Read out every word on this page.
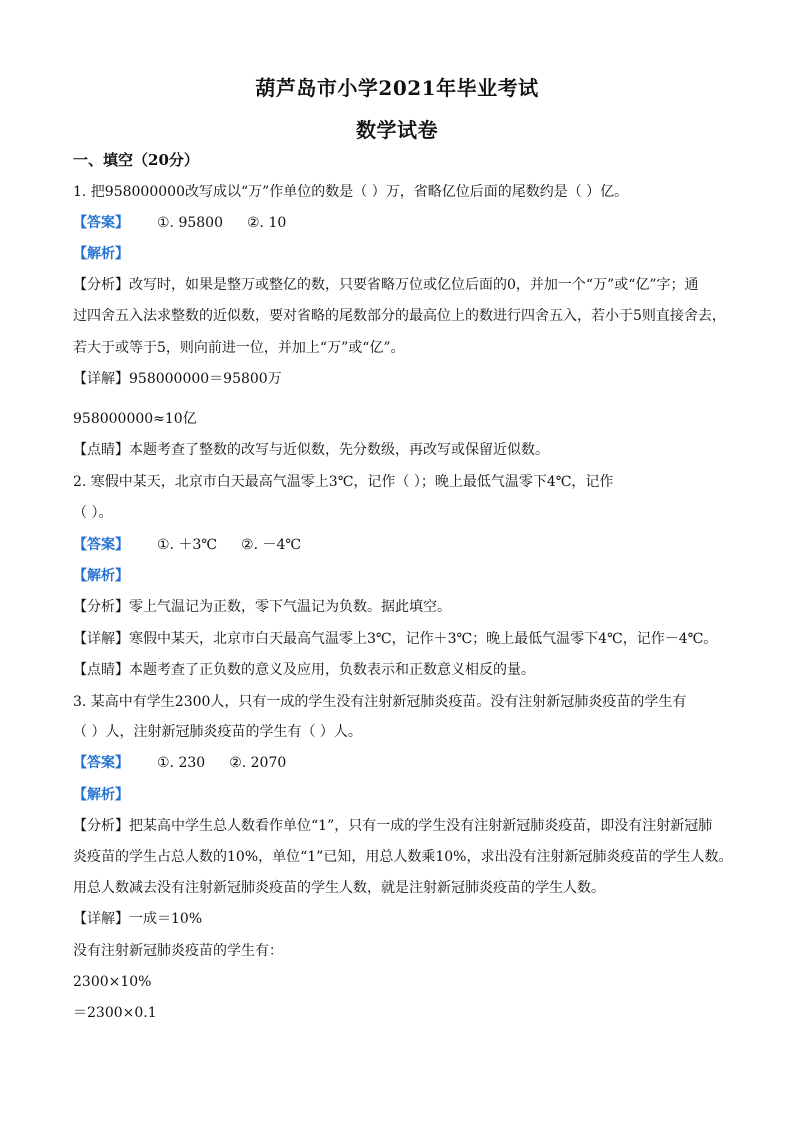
葫芦岛市小学2021年毕业考试
数学试卷
一、填空（20分）
1. 把958000000改写成以“万”作单位的数是（ ）万，省略亿位后面的尾数约是（ ）亿。
【答案】 ①. 95800 ②. 10
【解析】
【分析】改写时，如果是整万或整亿的数，只要省略万位或亿位后面的0，并加一个“万”或“亿”字；通
过四舍五入法求整数的近似数，要对省略的尾数部分的最高位上的数进行四舍五入，若小于5则直接舍去，
若大于或等于5，则向前进一位，并加上“万”或“亿”。
【详解】958000000＝95800万
958000000≈10亿
【点睛】本题考查了整数的改写与近似数，先分数级，再改写或保留近似数。
2. 寒假中某天，北京市白天最高气温零上3℃，记作（ ）；晚上最低气温零下4℃，记作
（ ）。
【答案】 ①. ＋3℃ ②. －4℃
【解析】
【分析】零上气温记为正数，零下气温记为负数。据此填空。
【详解】寒假中某天，北京市白天最高气温零上3℃，记作＋3℃；晚上最低气温零下4℃，记作－4℃。
【点睛】本题考查了正负数的意义及应用，负数表示和正数意义相反的量。
3. 某高中有学生2300人，只有一成的学生没有注射新冠肺炎疫苗。没有注射新冠肺炎疫苗的学生有
（ ）人，注射新冠肺炎疫苗的学生有（ ）人。
【答案】 ①. 230 ②. 2070
【解析】
【分析】把某高中学生总人数看作单位“1”，只有一成的学生没有注射新冠肺炎疫苗，即没有注射新冠肺
炎疫苗的学生占总人数的10%，单位“1”已知，用总人数乘10%，求出没有注射新冠肺炎疫苗的学生人数。
用总人数减去没有注射新冠肺炎疫苗的学生人数，就是注射新冠肺炎疫苗的学生人数。
【详解】一成＝10%
没有注射新冠肺炎疫苗的学生有：
2300×10%
＝2300×0.1
